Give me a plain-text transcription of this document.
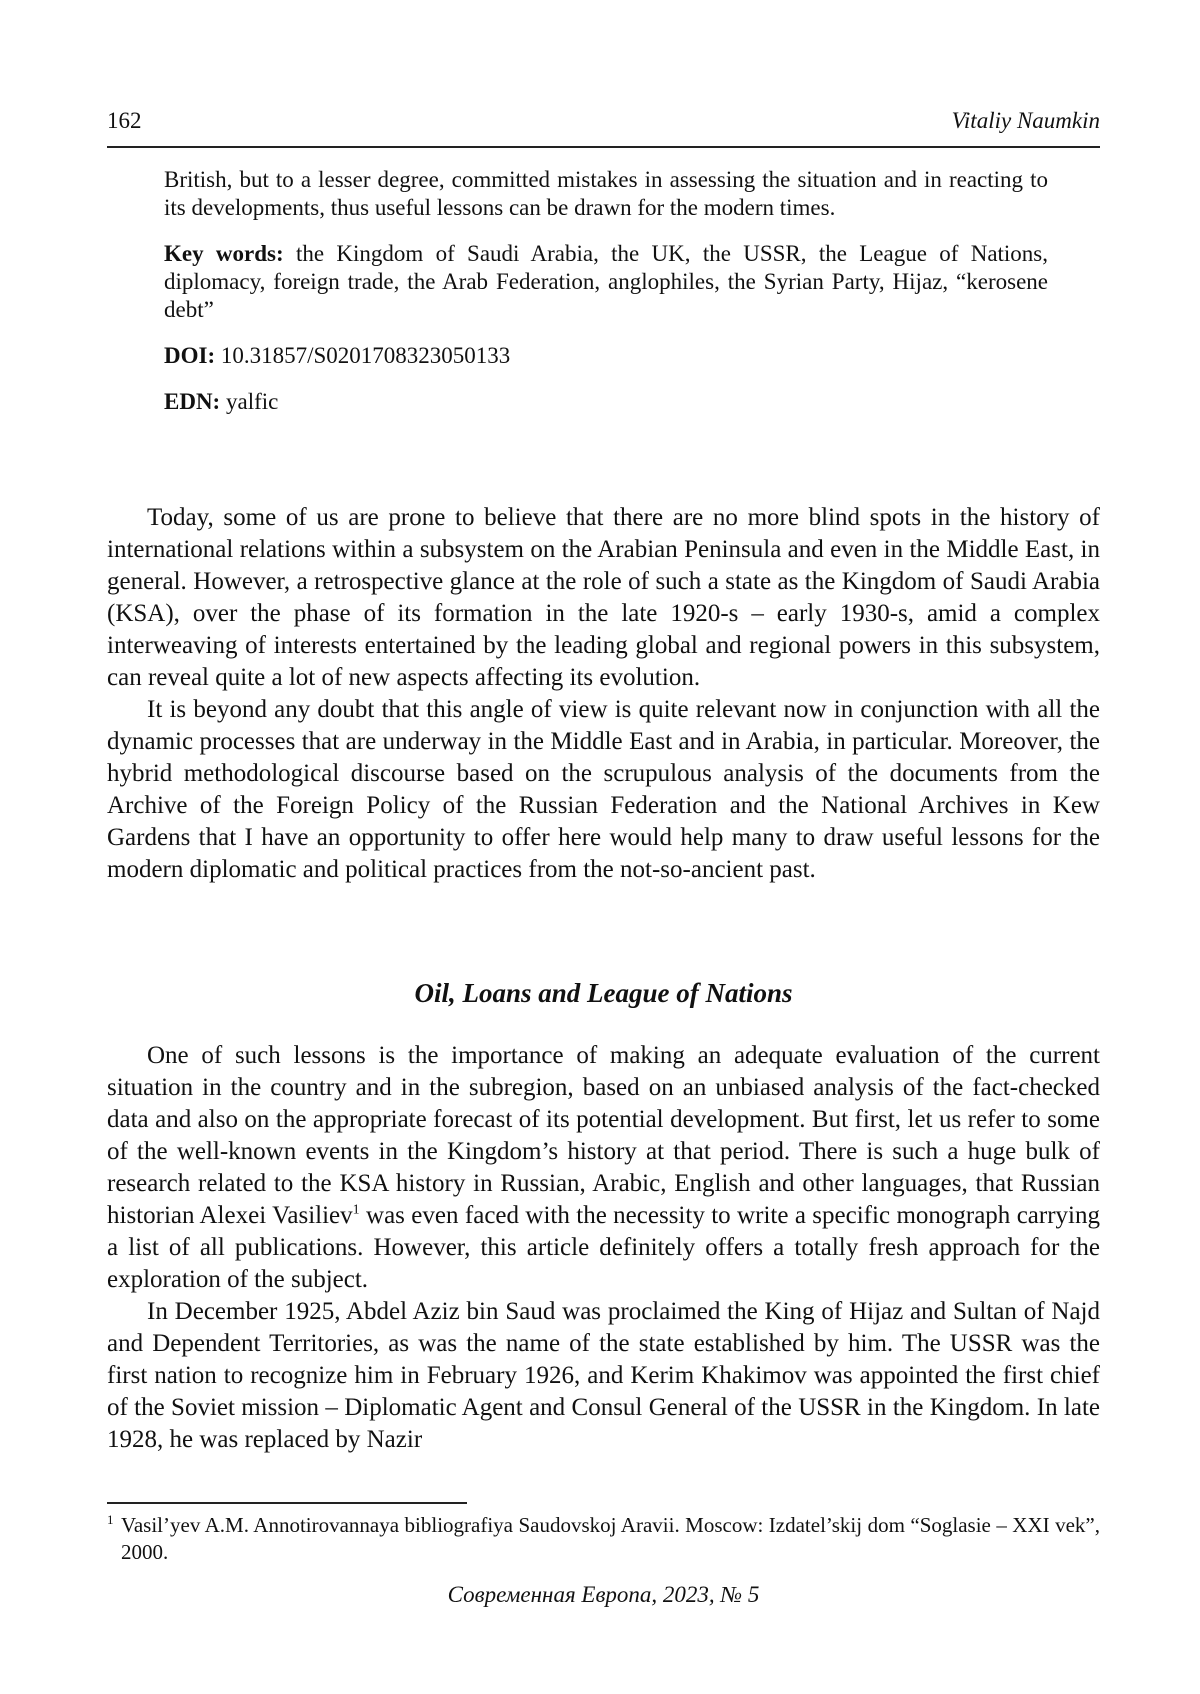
162	Vitaliy Naumkin

British, but to a lesser degree, committed mistakes in assessing the situation and in reacting to its developments, thus useful lessons can be drawn for the modern times.

Key words: the Kingdom of Saudi Arabia, the UK, the USSR, the League of Nations, diplomacy, foreign trade, the Arab Federation, anglophiles, the Syrian Party, Hijaz, “kerosene debt”

DOI: 10.31857/S0201708323050133

EDN: yalfic

Today, some of us are prone to believe that there are no more blind spots in the history of international relations within a subsystem on the Arabian Peninsula and even in the Middle East, in general. However, a retrospective glance at the role of such a state as the Kingdom of Saudi Arabia (KSA), over the phase of its formation in the late 1920-s – early 1930-s, amid a complex interweaving of interests entertained by the leading global and regional powers in this subsystem, can reveal quite a lot of new aspects affecting its evolution.

It is beyond any doubt that this angle of view is quite relevant now in conjunction with all the dynamic processes that are underway in the Middle East and in Arabia, in particular. Moreover, the hybrid methodological discourse based on the scrupulous analysis of the documents from the Archive of the Foreign Policy of the Russian Federation and the National Archives in Kew Gardens that I have an opportunity to offer here would help many to draw useful lessons for the modern diplomatic and political practices from the not-so-ancient past.

Oil, Loans and League of Nations

One of such lessons is the importance of making an adequate evaluation of the current situation in the country and in the subregion, based on an unbiased analysis of the fact-checked data and also on the appropriate forecast of its potential development. But first, let us refer to some of the well-known events in the Kingdom’s history at that period. There is such a huge bulk of research related to the KSA history in Russian, Arabic, English and other languages, that Russian historian Alexei Vasiliev$^1$ was even faced with the necessity to write a specific monograph carrying a list of all publications. However, this article definitely offers a totally fresh approach for the exploration of the subject.

In December 1925, Abdel Aziz bin Saud was proclaimed the King of Hijaz and Sultan of Najd and Dependent Territories, as was the name of the state established by him. The USSR was the first nation to recognize him in February 1926, and Kerim Khakimov was appointed the first chief of the Soviet mission – Diplomatic Agent and Consul General of the USSR in the Kingdom. In late 1928, he was replaced by Nazir

1 Vasil’yev A.M. Annotirovannaya bibliografiya Saudovskoj Aravii. Moscow: Izdatel’skij dom “Soglasie – XXI vek”, 2000.
Современная Европа, 2023, № 5
